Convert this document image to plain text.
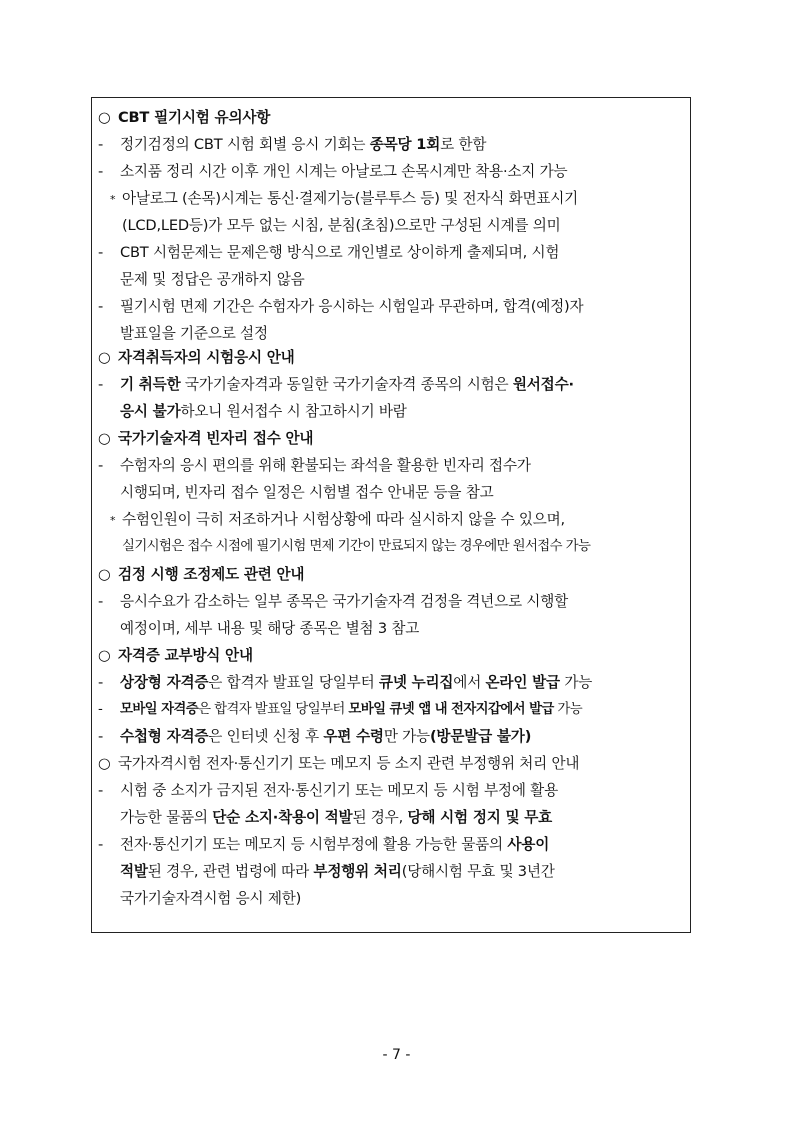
○ CBT 필기시험 유의사항
- 정기검정의 CBT 시험 회별 응시 기회는 종목당 1회로 한함
- 소지품 정리 시간 이후 개인 시계는 아날로그 손목시계만 착용·소지 가능
* 아날로그 (손목)시계는 통신·결제기능(블루투스 등) 및 전자식 화면표시기
(LCD,LED등)가 모두 없는 시침, 분침(초침)으로만 구성된 시계를 의미
- CBT 시험문제는 문제은행 방식으로 개인별로 상이하게 출제되며, 시험
문제 및 정답은 공개하지 않음
- 필기시험 면제 기간은 수험자가 응시하는 시험일과 무관하며, 합격(예정)자
발표일을 기준으로 설정
○ 자격취득자의 시험응시 안내
- 기 취득한 국가기술자격과 동일한 국가기술자격 종목의 시험은 원서접수·
응시 불가하오니 원서접수 시 참고하시기 바람
○ 국가기술자격 빈자리 접수 안내
- 수험자의 응시 편의를 위해 환불되는 좌석을 활용한 빈자리 접수가
시행되며, 빈자리 접수 일정은 시험별 접수 안내문 등을 참고
* 수험인원이 극히 저조하거나 시험상황에 따라 실시하지 않을 수 있으며,
실기시험은 접수 시점에 필기시험 면제 기간이 만료되지 않는 경우에만 원서접수 가능
○ 검정 시행 조정제도 관련 안내
- 응시수요가 감소하는 일부 종목은 국가기술자격 검정을 격년으로 시행할
예정이며, 세부 내용 및 해당 종목은 별첨 3 참고
○ 자격증 교부방식 안내
- 상장형 자격증은 합격자 발표일 당일부터 큐넷 누리집에서 온라인 발급 가능
- 모바일 자격증은 합격자 발표일 당일부터 모바일 큐넷 앱 내 전자지갑에서 발급 가능
- 수첩형 자격증은 인터넷 신청 후 우편 수령만 가능(방문발급 불가)
○ 국가자격시험 전자·통신기기 또는 메모지 등 소지 관련 부정행위 처리 안내
- 시험 중 소지가 금지된 전자·통신기기 또는 메모지 등 시험 부정에 활용
가능한 물품의 단순 소지·착용이 적발된 경우, 당해 시험 정지 및 무효
- 전자·통신기기 또는 메모지 등 시험부정에 활용 가능한 물품의 사용이
적발된 경우, 관련 법령에 따라 부정행위 처리(당해시험 무효 및 3년간
국가기술자격시험 응시 제한)
- 7 -
